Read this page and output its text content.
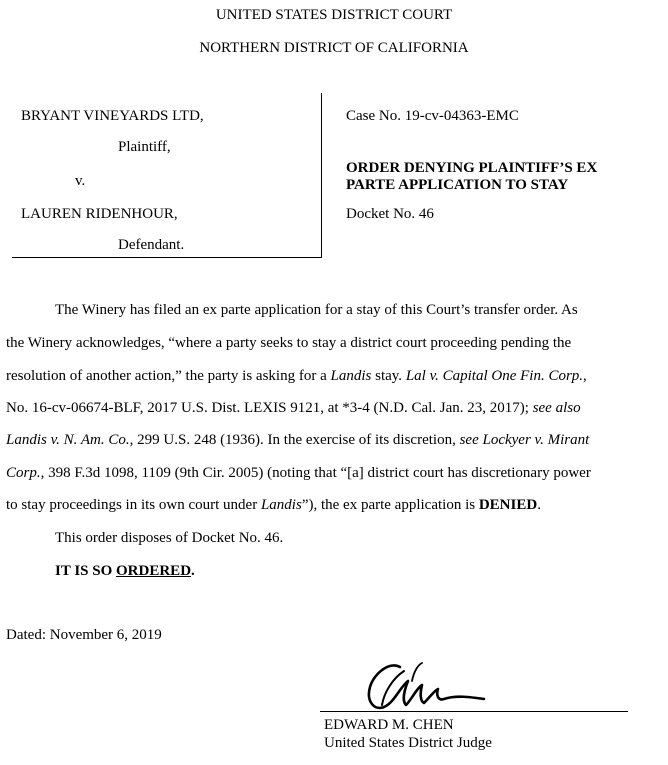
UNITED STATES DISTRICT COURT
NORTHERN DISTRICT OF CALIFORNIA
BRYANT VINEYARDS LTD,
Plaintiff,
v.
LAUREN RIDENHOUR,
Defendant.
Case No. 19-cv-04363-EMC
ORDER DENYING PLAINTIFF’S EX
PARTE APPLICATION TO STAY
Docket No. 46
The Winery has filed an ex parte application for a stay of this Court’s transfer order. As
the Winery acknowledges, “where a party seeks to stay a district court proceeding pending the
resolution of another action,” the party is asking for a Landis stay. Lal v. Capital One Fin. Corp.,
No. 16-cv-06674-BLF, 2017 U.S. Dist. LEXIS 9121, at *3-4 (N.D. Cal. Jan. 23, 2017); see also
Landis v. N. Am. Co., 299 U.S. 248 (1936). In the exercise of its discretion, see Lockyer v. Mirant
Corp., 398 F.3d 1098, 1109 (9th Cir. 2005) (noting that “[a] district court has discretionary power
to stay proceedings in its own court under Landis”), the ex parte application is DENIED.
This order disposes of Docket No. 46.
IT IS SO ORDERED.
Dated: November 6, 2019
EDWARD M. CHEN
United States District Judge
